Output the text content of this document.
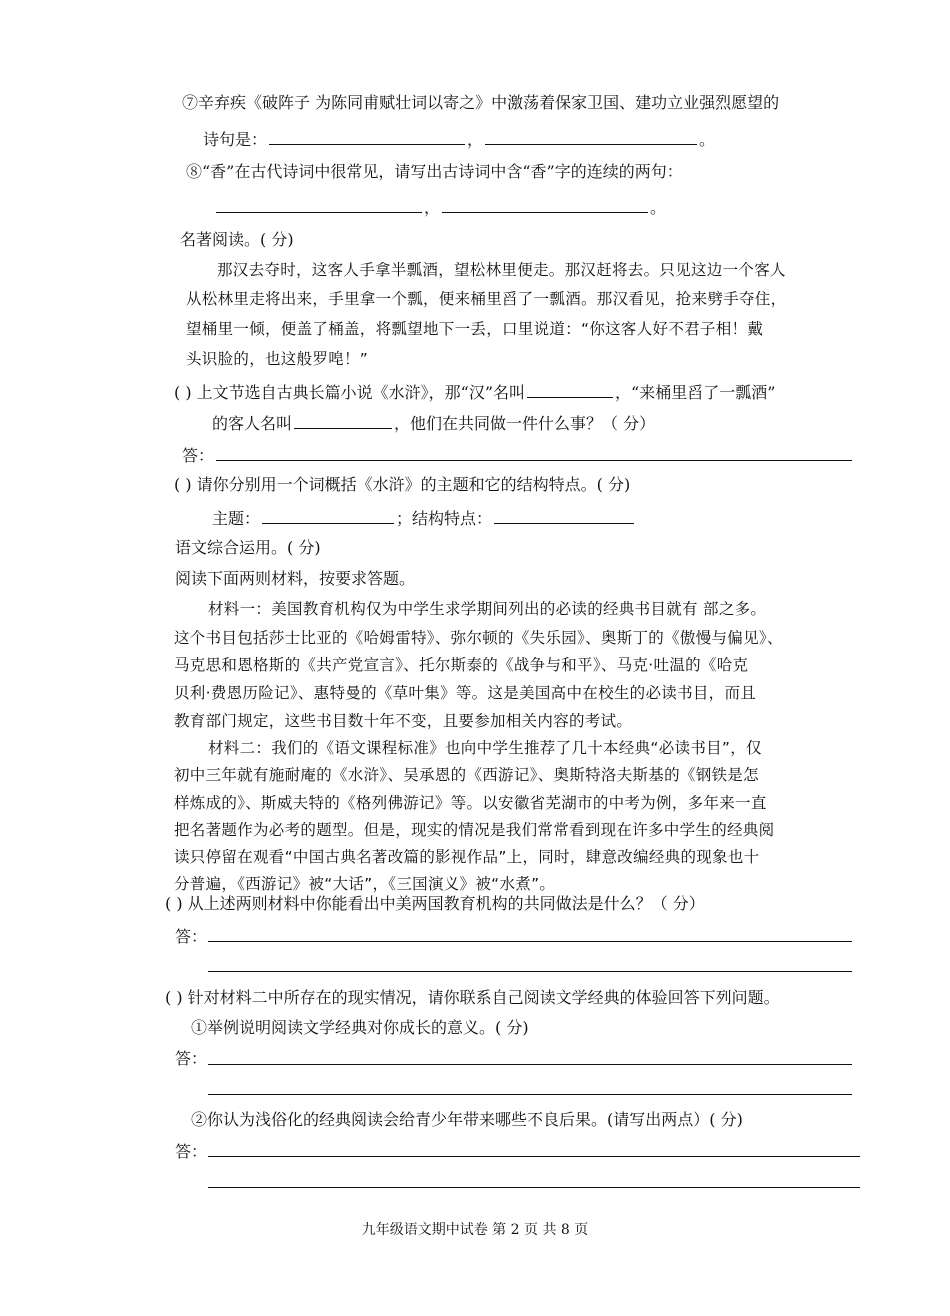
⑦辛弃疾《破阵子 为陈同甫赋壮词以寄之》中激荡着保家卫国、建功立业强烈愿望的
诗句是：	，	。
⑧“香”在古代诗词中很常见，请写出古诗词中含“香”字的连续的两句：
，	。
名著阅读。( 分)
那汉去夺时，这客人手拿半瓢酒，望松林里便走。那汉赶将去。只见这边一个客人
从松林里走将出来，手里拿一个瓢，便来桶里舀了一瓢酒。那汉看见，抢来劈手夺住，
望桶里一倾，便盖了桶盖，将瓢望地下一丢，口里说道：“你这客人好不君子相！戴
头识脸的，也这般罗唣！”
( ) 上文节选自古典长篇小说《水浒》，那“汉”名叫	，“来桶里舀了一瓢酒”
的客人名叫	，他们在共同做一件什么事？（ 分）
答：
( ) 请你分别用一个词概括《水浒》的主题和它的结构特点。( 分)
主题：	；结构特点：
语文综合运用。( 分)
阅读下面两则材料，按要求答题。
材料一：美国教育机构仅为中学生求学期间列出的必读的经典书目就有 部之多。
这个书目包括莎士比亚的《哈姆雷特》、弥尔顿的《失乐园》、奥斯丁的《傲慢与偏见》、
马克思和恩格斯的《共产党宣言》、托尔斯泰的《战争与和平》、马克·吐温的《哈克
贝利·费恩历险记》、惠特曼的《草叶集》等。这是美国高中在校生的必读书目，而且
教育部门规定，这些书目数十年不变，且要参加相关内容的考试。
材料二：我们的《语文课程标准》也向中学生推荐了几十本经典“必读书目”，仅
初中三年就有施耐庵的《水浒》、吴承恩的《西游记》、奥斯特洛夫斯基的《钢铁是怎
样炼成的》、斯威夫特的《格列佛游记》等。以安徽省芜湖市的中考为例，多年来一直
把名著题作为必考的题型。但是，现实的情况是我们常常看到现在许多中学生的经典阅
读只停留在观看“中国古典名著改篇的影视作品”上，同时，肆意改编经典的现象也十
分普遍，《西游记》被“大话”，《三国演义》被“水煮”。
( ) 从上述两则材料中你能看出中美两国教育机构的共同做法是什么？（ 分）
答：
( ) 针对材料二中所存在的现实情况，请你联系自己阅读文学经典的体验回答下列问题。
①举例说明阅读文学经典对你成长的意义。( 分)
答：
②你认为浅俗化的经典阅读会给青少年带来哪些不良后果。(请写出两点）( 分)
答：
九年级语文期中试卷 第 2 页 共 8 页
